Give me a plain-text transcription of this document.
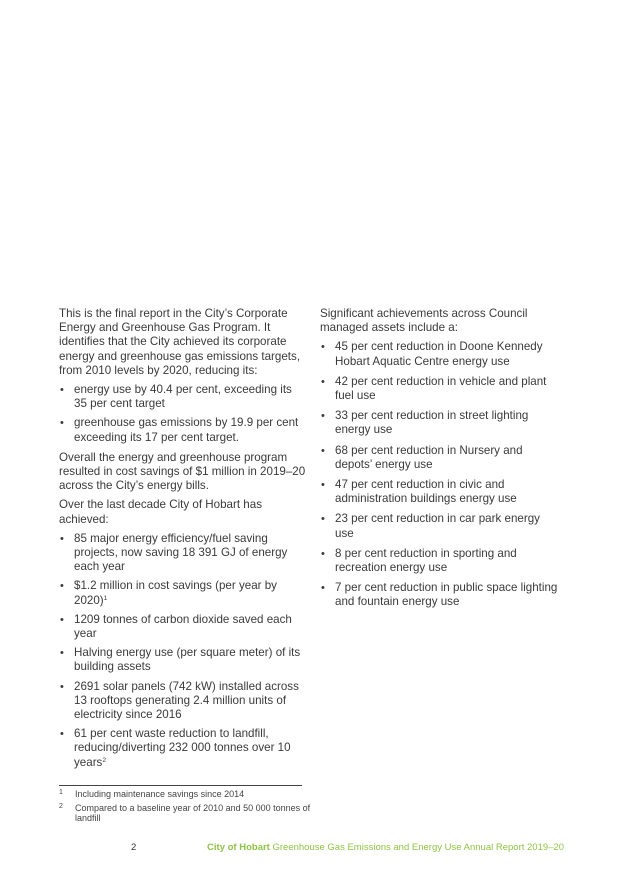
This is the final report in the City’s Corporate Energy and Greenhouse Gas Program. It identifies that the City achieved its corporate energy and greenhouse gas emissions targets, from 2010 levels by 2020, reducing its:

• energy use by 40.4 per cent, exceeding its 35 per cent target
• greenhouse gas emissions by 19.9 per cent exceeding its 17 per cent target.

Overall the energy and greenhouse program resulted in cost savings of $1 million in 2019–20 across the City’s energy bills.

Over the last decade City of Hobart has achieved:

• 85 major energy efficiency/fuel saving projects, now saving 18 391 GJ of energy each year
• $1.2 million in cost savings (per year by 2020)$^1$
• 1209 tonnes of carbon dioxide saved each year
• Halving energy use (per square meter) of its building assets
• 2691 solar panels (742 kW) installed across 13 rooftops generating 2.4 million units of electricity since 2016
• 61 per cent waste reduction to landfill, reducing/diverting 232 000 tonnes over 10 years$^2$

Significant achievements across Council managed assets include a:

• 45 per cent reduction in Doone Kennedy Hobart Aquatic Centre energy use
• 42 per cent reduction in vehicle and plant fuel use
• 33 per cent reduction in street lighting energy use
• 68 per cent reduction in Nursery and depots’ energy use
• 47 per cent reduction in civic and administration buildings energy use
• 23 per cent reduction in car park energy use
• 8 per cent reduction in sporting and recreation energy use
• 7 per cent reduction in public space lighting and fountain energy use
1 Including maintenance savings since 2014
2 Compared to a baseline year of 2010 and 50 000 tonnes of landfill
2	City of Hobart Greenhouse Gas Emissions and Energy Use Annual Report 2019–20
